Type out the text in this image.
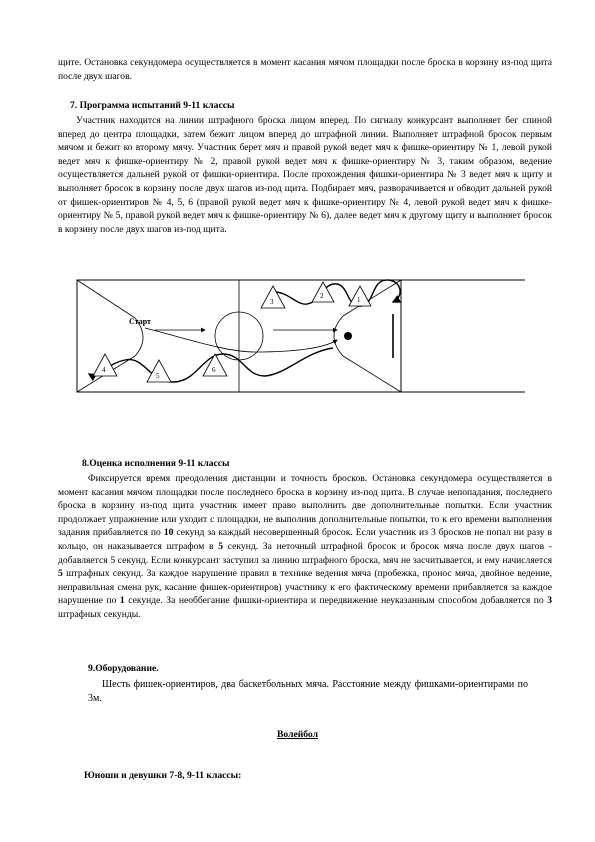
щите. Остановка секундомера осуществляется в момент касания мячом площадки после броска в корзину из-под щита после двух шагов.

7. Программа испытаний 9-11 классы

Участник находится на линии штрафного броска лицом вперед. По сигналу конкурсант выполняет бег спиной вперед до центра площадки, затем бежит лицом вперед до штрафной линии. Выполняет штрафной бросок первым мячом и бежит ко второму мячу. Участник берет мяч и правой рукой ведет мяч к фишке-ориентиру № 1, левой рукой ведет мяч к фишке-ориентиру № 2, правой рукой ведет мяч к фишке-ориентиру № 3, таким образом, ведение осуществляется дальней рукой от фишки-ориентира. После прохождения фишки-ориентира № 3 ведет мяч к щиту и выполняет бросок в корзину после двух шагов из-под щита. Подбирает мяч, разворачивается и обводит дальней рукой от фишек-ориентиров № 4, 5, 6 (правой рукой ведет мяч к фишке-ориентиру № 4, левой рукой ведет мяч к фишке-ориентиру № 5, правой рукой ведет мяч к фишке-ориентиру № 6), далее ведет мяч к другому щиту и выполняет бросок в корзину после двух шагов из-под щита.

Старт
1
2
3
4
5
6

8.Оценка исполнения 9-11 классы

Фиксируется время преодоления дистанции и точность бросков. Остановка секундомера осуществляется в момент касания мячом площадки после последнего броска в корзину из-под щита. В случае непопадания, последнего броска в корзину из-под щита участник имеет право выполнить две дополнительные попытки. Если участник продолжает упражнение или уходит с площадки, не выполнив дополнительные попытки, то к его времени выполнения задания прибавляется по 10 секунд за каждый несовершенный бросок. Если участник из 3 бросков не попал ни разу в кольцо, он наказывается штрафом в 5 секунд. За неточный штрафной бросок и бросок мяча после двух шагов - добавляется 5 секунд. Если конкурсант заступил за линию штрафного броска, мяч не засчитывается, и ему начисляется 5 штрафных секунд. За каждое нарушение правил в технике ведения мяча (пробежка, пронос мяча, двойное ведение, неправильная смена рук, касание фишек-ориентиров) участнику к его фактическому времени прибавляется за каждое нарушение по 1 секунде. За необбегание фишки-ориентира и передвижение неуказанным способом добавляется по 3 штрафных секунды.

9.Оборудование.

Шесть фишек-ориентиров, два баскетбольных мяча. Расстояние между фишками-ориентирами по 3м.

Волейбол

Юноши и девушки 7-8, 9-11 классы:
